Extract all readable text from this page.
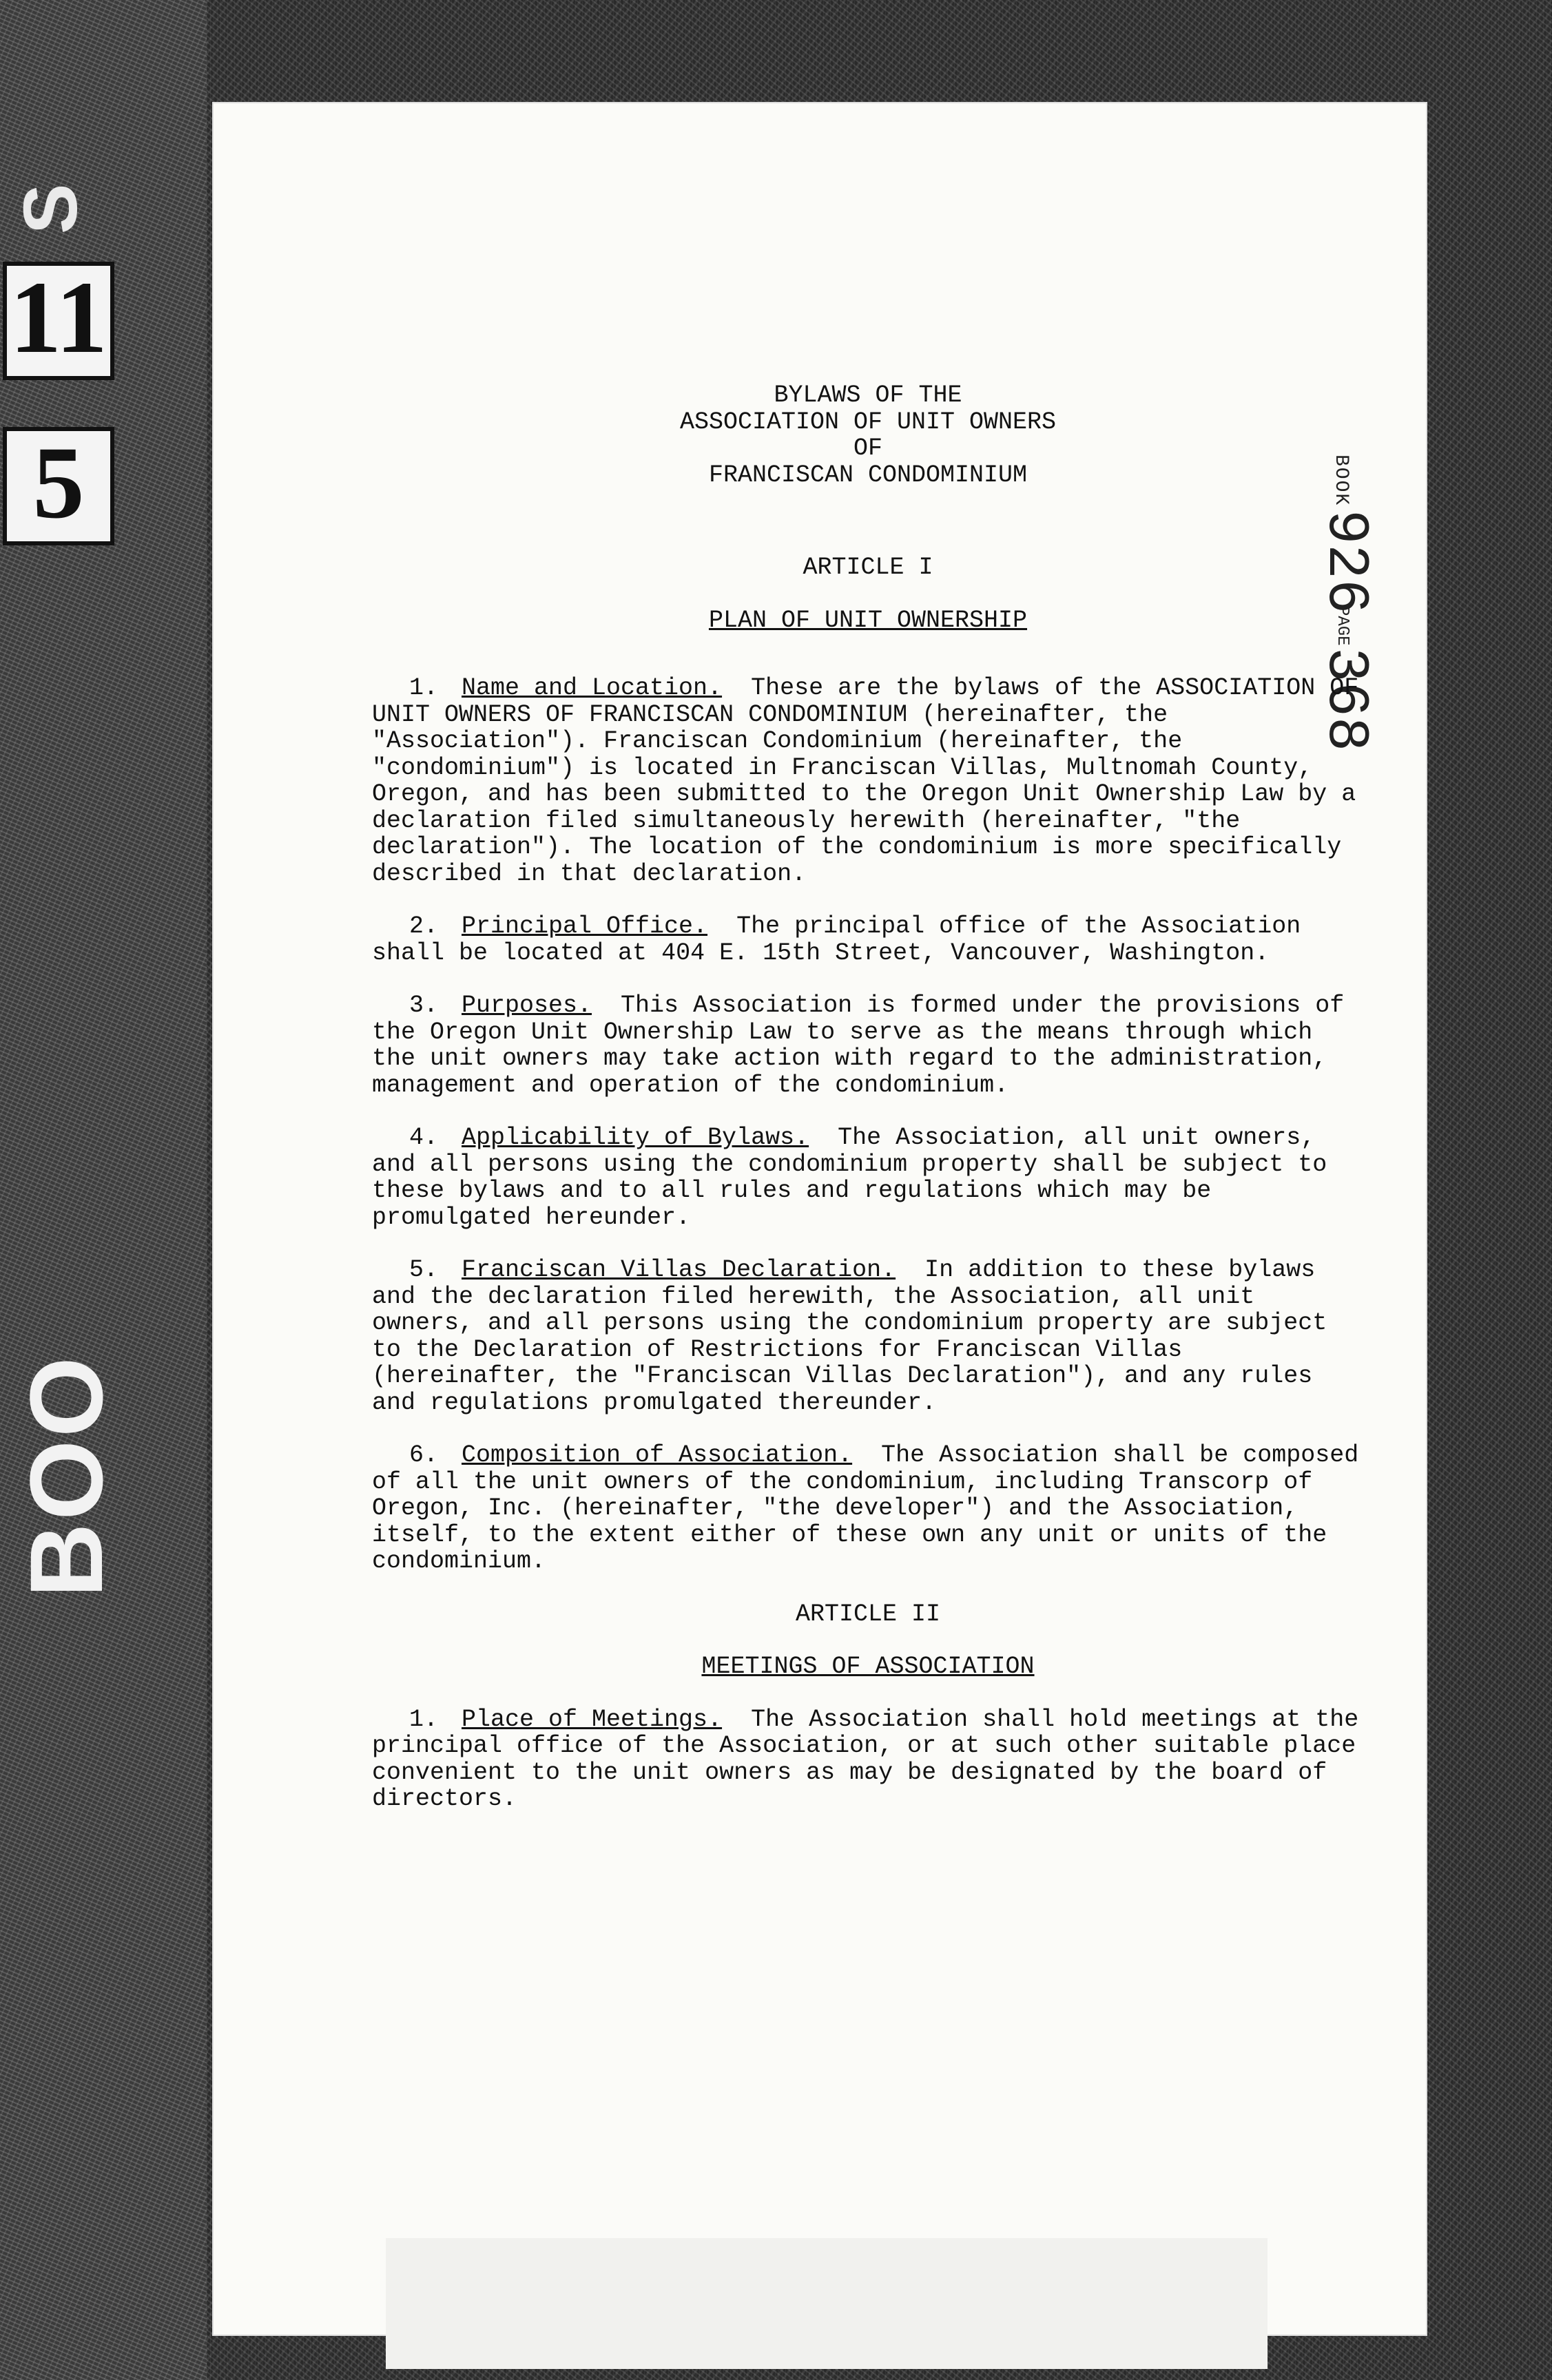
S
11
5
BOO
BOOK
926
PAGE
368
BYLAWS OF THE
ASSOCIATION OF UNIT OWNERS
OF
FRANCISCAN CONDOMINIUM
ARTICLE I
PLAN OF UNIT OWNERSHIP
1. Name and Location. These are the bylaws of the ASSOCIATION OF UNIT OWNERS OF FRANCISCAN CONDOMINIUM (hereinafter, the "Association"). Franciscan Condominium (hereinafter, the "condominium") is located in Franciscan Villas, Multnomah County, Oregon, and has been submitted to the Oregon Unit Ownership Law by a declaration filed simultaneously herewith (hereinafter, "the declaration"). The location of the condominium is more specifically described in that declaration.
2. Principal Office. The principal office of the Association shall be located at 404 E. 15th Street, Vancouver, Washington.
3. Purposes. This Association is formed under the provisions of the Oregon Unit Ownership Law to serve as the means through which the unit owners may take action with regard to the administration, management and operation of the condominium.
4. Applicability of Bylaws. The Association, all unit owners, and all persons using the condominium property shall be subject to these bylaws and to all rules and regulations which may be promulgated hereunder.
5. Franciscan Villas Declaration. In addition to these bylaws and the declaration filed herewith, the Association, all unit owners, and all persons using the condominium property are subject to the Declaration of Restrictions for Franciscan Villas (hereinafter, the "Franciscan Villas Declaration"), and any rules and regulations promulgated thereunder.
6. Composition of Association. The Association shall be composed of all the unit owners of the condominium, including Transcorp of Oregon, Inc. (hereinafter, "the developer") and the Association, itself, to the extent either of these own any unit or units of the condominium.
ARTICLE II
MEETINGS OF ASSOCIATION
1. Place of Meetings. The Association shall hold meetings at the principal office of the Association, or at such other suitable place convenient to the unit owners as may be designated by the board of directors.
